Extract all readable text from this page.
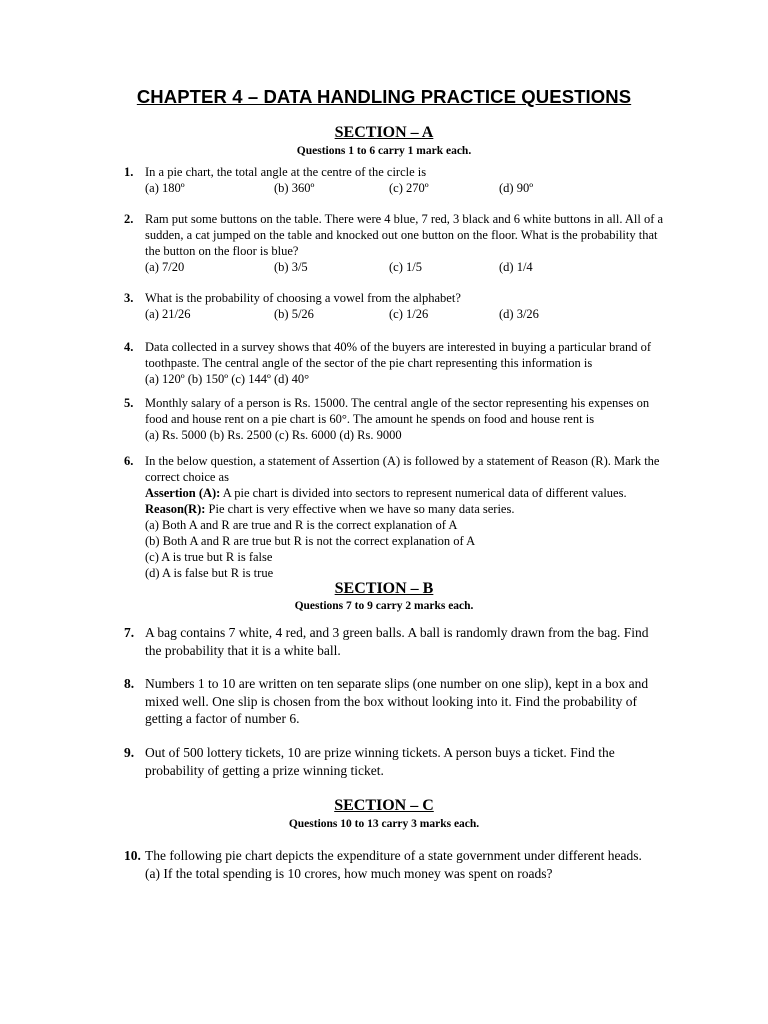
CHAPTER 4 – DATA HANDLING PRACTICE QUESTIONS
SECTION – A
Questions 1 to 6 carry 1 mark each.
1. In a pie chart, the total angle at the centre of the circle is
(a) 180º	(b) 360º	(c) 270º	(d) 90º
2. Ram put some buttons on the table. There were 4 blue, 7 red, 3 black and 6 white buttons in all. All of a
sudden, a cat jumped on the table and knocked out one button on the floor. What is the probability that
the button on the floor is blue?
(a) 7/20	(b) 3/5	(c) 1/5	(d) 1/4
3. What is the probability of choosing a vowel from the alphabet?
(a) 21/26	(b) 5/26	(c) 1/26	(d) 3/26
4. Data collected in a survey shows that 40% of the buyers are interested in buying a particular brand of
toothpaste. The central angle of the sector of the pie chart representing this information is
(a) 120º (b) 150º (c) 144º (d) 40°
5. Monthly salary of a person is Rs. 15000. The central angle of the sector representing his expenses on
food and house rent on a pie chart is 60°. The amount he spends on food and house rent is
(a) Rs. 5000 (b) Rs. 2500 (c) Rs. 6000 (d) Rs. 9000
6. In the below question, a statement of Assertion (A) is followed by a statement of Reason (R). Mark the
correct choice as
Assertion (A): A pie chart is divided into sectors to represent numerical data of different values.
Reason(R): Pie chart is very effective when we have so many data series.
(a) Both A and R are true and R is the correct explanation of A
(b) Both A and R are true but R is not the correct explanation of A
(c) A is true but R is false
(d) A is false but R is true
SECTION – B
Questions 7 to 9 carry 2 marks each.
7. A bag contains 7 white, 4 red, and 3 green balls. A ball is randomly drawn from the bag. Find
the probability that it is a white ball.
8. Numbers 1 to 10 are written on ten separate slips (one number on one slip), kept in a box and
mixed well. One slip is chosen from the box without looking into it. Find the probability of
getting a factor of number 6.
9. Out of 500 lottery tickets, 10 are prize winning tickets. A person buys a ticket. Find the
probability of getting a prize winning ticket.
SECTION – C
Questions 10 to 13 carry 3 marks each.
10. The following pie chart depicts the expenditure of a state government under different heads.
(a) If the total spending is 10 crores, how much money was spent on roads?
